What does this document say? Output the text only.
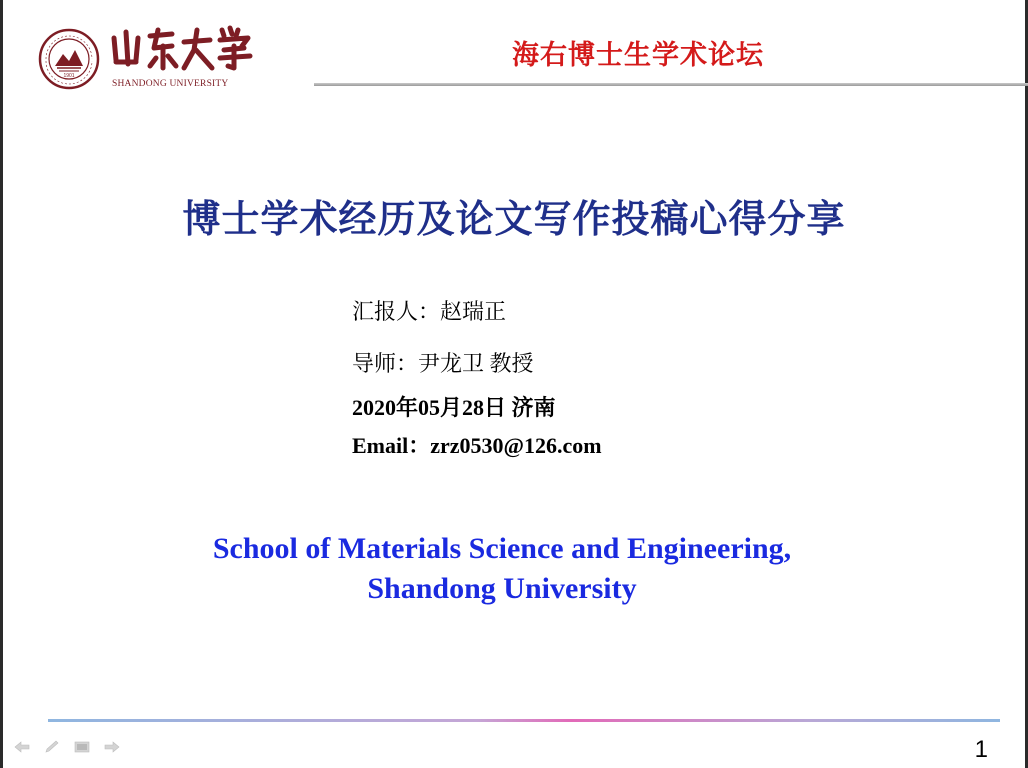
1901
SHANDONG UNIVERSITY
海右博士生学术论坛
博士学术经历及论文写作投稿心得分享
汇报人：赵瑞正
导师：尹龙卫 教授
2020年05月28日 济南
Email：zrz0530@126.com
School of Materials Science and Engineering,
Shandong University
1
